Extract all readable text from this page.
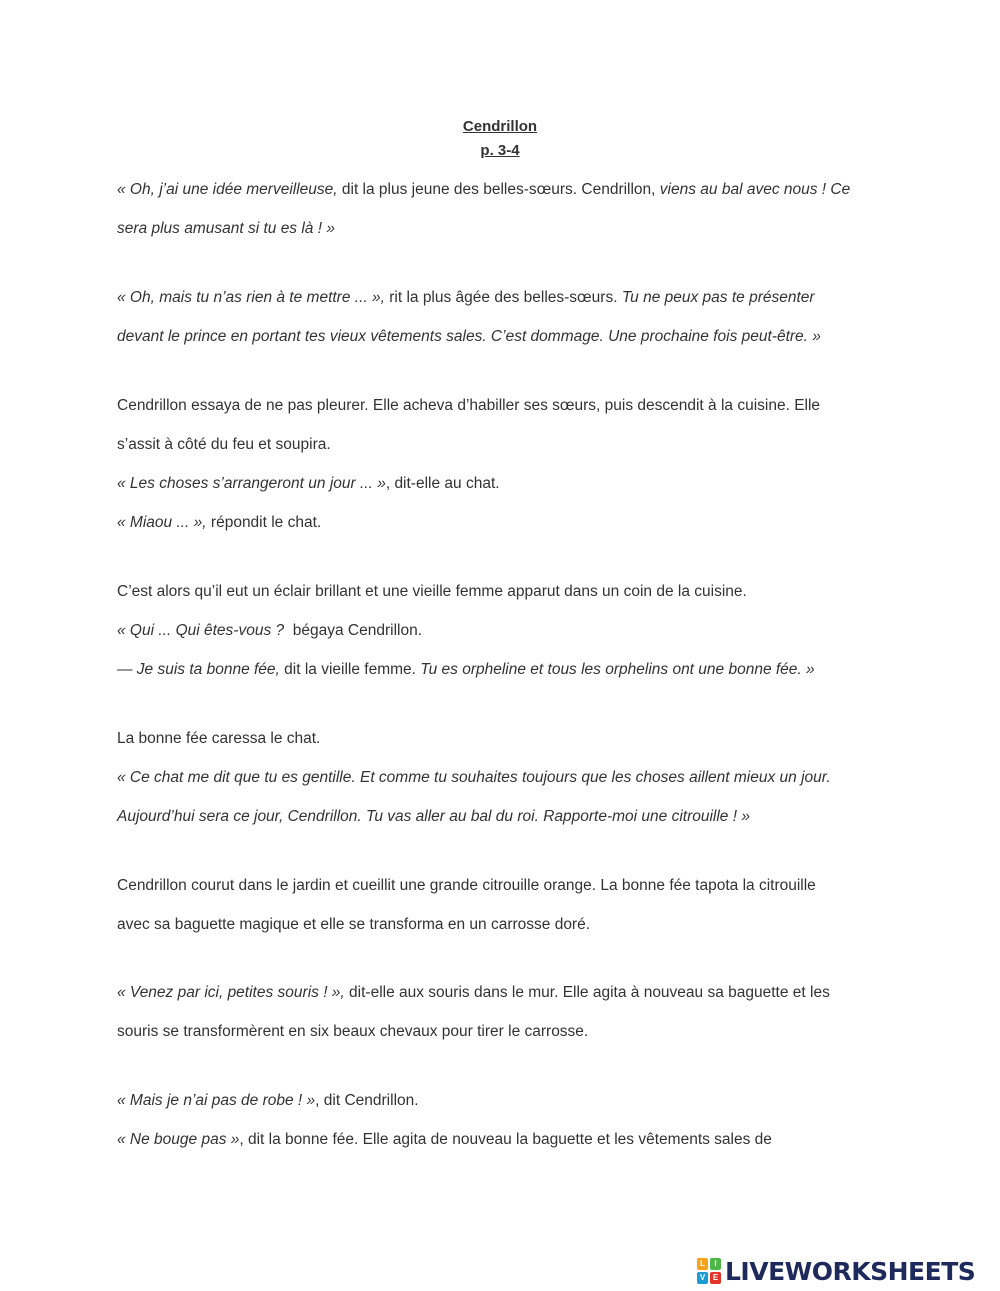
Cendrillon
p. 3-4
« Oh, j’ai une idée merveilleuse, dit la plus jeune des belles-sœurs. Cendrillon, viens au bal avec nous ! Ce
sera plus amusant si tu es là ! »
« Oh, mais tu n’as rien à te mettre ... », rit la plus âgée des belles-sœurs. Tu ne peux pas te présenter
devant le prince en portant tes vieux vêtements sales. C’est dommage. Une prochaine fois peut-être. »
Cendrillon essaya de ne pas pleurer. Elle acheva d’habiller ses sœurs, puis descendit à la cuisine. Elle
s’assit à côté du feu et soupira.
« Les choses s’arrangeront un jour ... », dit-elle au chat.
« Miaou ... », répondit le chat.
C’est alors qu’il eut un éclair brillant et une vieille femme apparut dans un coin de la cuisine.
« Qui ... Qui êtes-vous ?  bégaya Cendrillon.
— Je suis ta bonne fée, dit la vieille femme. Tu es orpheline et tous les orphelins ont une bonne fée. »
La bonne fée caressa le chat.
« Ce chat me dit que tu es gentille. Et comme tu souhaites toujours que les choses aillent mieux un jour.
Aujourd’hui sera ce jour, Cendrillon. Tu vas aller au bal du roi. Rapporte-moi une citrouille ! »
Cendrillon courut dans le jardin et cueillit une grande citrouille orange. La bonne fée tapota la citrouille
avec sa baguette magique et elle se transforma en un carrosse doré.
« Venez par ici, petites souris ! », dit-elle aux souris dans le mur. Elle agita à nouveau sa baguette et les
souris se transformèrent en six beaux chevaux pour tirer le carrosse.
« Mais je n’ai pas de robe ! », dit Cendrillon.
« Ne bouge pas », dit la bonne fée. Elle agita de nouveau la baguette et les vêtements sales de
L	I
V E LIVEWORKSHEETS
